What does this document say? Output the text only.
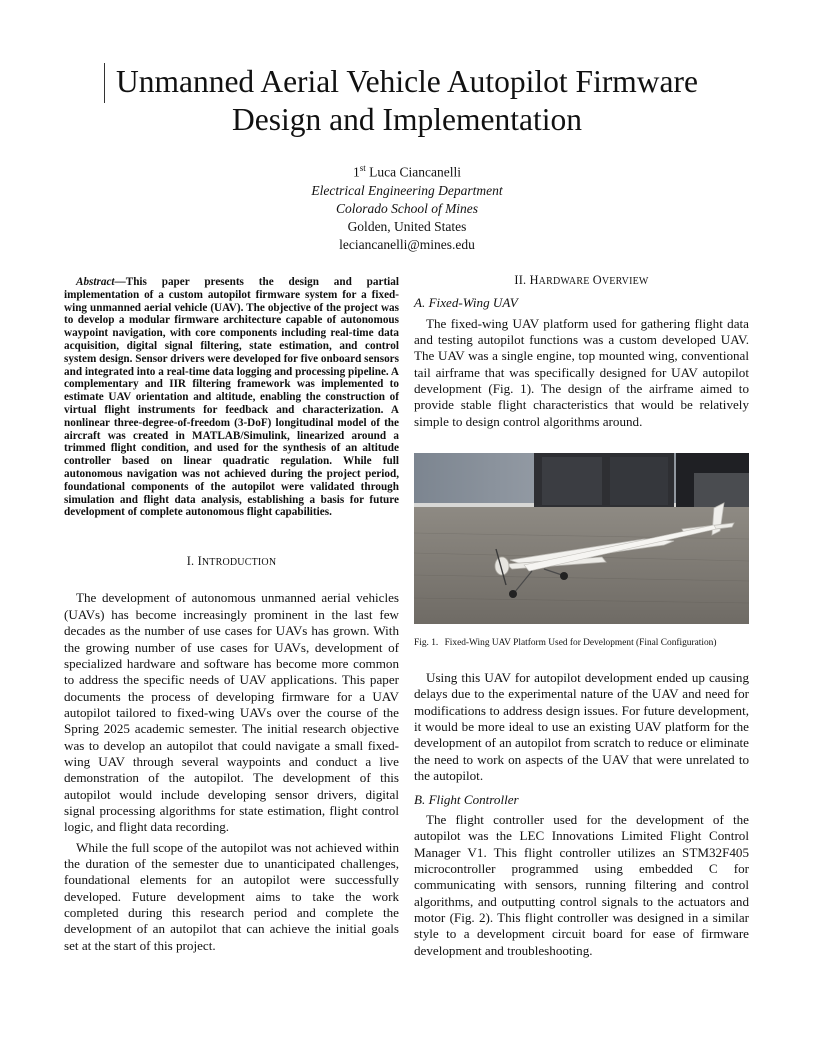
Unmanned Aerial Vehicle Autopilot Firmware
Design and Implementation
1st Luca Ciancanelli
Electrical Engineering Department
Colorado School of Mines
Golden, United States
leciancanelli@mines.edu

Abstract—This paper presents the design and partial implementation of a custom autopilot firmware system for a fixed-wing unmanned aerial vehicle (UAV). The objective of the project was to develop a modular firmware architecture capable of autonomous waypoint navigation, with core components including real-time data acquisition, digital signal filtering, state estimation, and control system design. Sensor drivers were developed for five onboard sensors and integrated into a real-time data logging and processing pipeline. A complementary and IIR filtering framework was implemented to estimate UAV orientation and altitude, enabling the construction of virtual flight instruments for feedback and characterization. A nonlinear three-degree-of-freedom (3-DoF) longitudinal model of the aircraft was created in MATLAB/Simulink, linearized around a trimmed flight condition, and used for the synthesis of an altitude controller based on linear quadratic regulation. While full autonomous navigation was not achieved during the project period, foundational components of the autopilot were validated through simulation and flight data analysis, establishing a basis for future development of complete autonomous flight capabilities.

I. INTRODUCTION

The development of autonomous unmanned aerial vehicles (UAVs) has become increasingly prominent in the last few decades as the number of use cases for UAVs has grown. With the growing number of use cases for UAVs, development of specialized hardware and software has become more common to address the specific needs of UAV applications. This paper documents the process of developing firmware for a UAV autopilot tailored to fixed-wing UAVs over the course of the Spring 2025 academic semester. The initial research objective was to develop an autopilot that could navigate a small fixed-wing UAV through several waypoints and conduct a live demonstration of the autopilot. The development of this autopilot would include developing sensor drivers, digital signal processing algorithms for state estimation, flight control logic, and flight data recording.

While the full scope of the autopilot was not achieved within the duration of the semester due to unanticipated challenges, foundational elements for an autopilot were successfully developed. Future development aims to take the work completed during this research period and complete the development of an autopilot that can achieve the initial goals set at the start of this project.

II. HARDWARE OVERVIEW

A. Fixed-Wing UAV

The fixed-wing UAV platform used for gathering flight data and testing autopilot functions was a custom developed UAV. The UAV was a single engine, top mounted wing, conventional tail airframe that was specifically designed for UAV autopilot development (Fig. 1). The design of the airframe aimed to provide stable flight characteristics that would be relatively simple to design control algorithms around.

Fig. 1. Fixed-Wing UAV Platform Used for Development (Final Configuration)

Using this UAV for autopilot development ended up causing delays due to the experimental nature of the UAV and need for modifications to address design issues. For future development, it would be more ideal to use an existing UAV platform for the development of an autopilot from scratch to reduce or eliminate the need to work on aspects of the UAV that were unrelated to the autopilot.

B. Flight Controller

The flight controller used for the development of the autopilot was the LEC Innovations Limited Flight Control Manager V1. This flight controller utilizes an STM32F405 microcontroller programmed using embedded C for communicating with sensors, running filtering and control algorithms, and outputting control signals to the actuators and motor (Fig. 2). This flight controller was designed in a similar style to a development circuit board for ease of firmware development and troubleshooting.
